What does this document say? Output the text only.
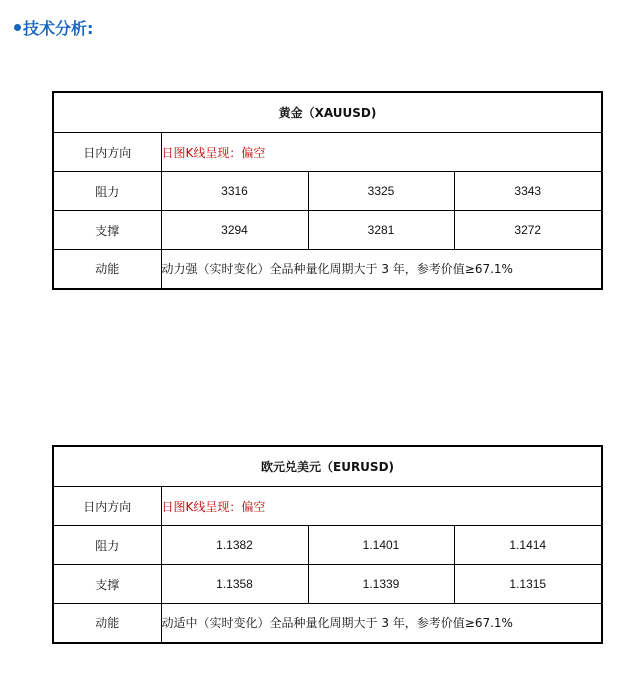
技术分析:
黄金（XAUUSD)			
日内方向	日图K线呈现：偏空		
阻力	3316	3325	3343
支撑	3294	3281	3272
动能	动力强（实时变化）全品种量化周期大于 3 年，参考价值≥67.1%		
欧元兑美元（EURUSD)			
日内方向	日图K线呈现：偏空		
阻力	1.1382	1.1401	1.1414
支撑	1.1358	1.1339	1.1315
动能	动适中（实时变化）全品种量化周期大于 3 年，参考价值≥67.1%		
